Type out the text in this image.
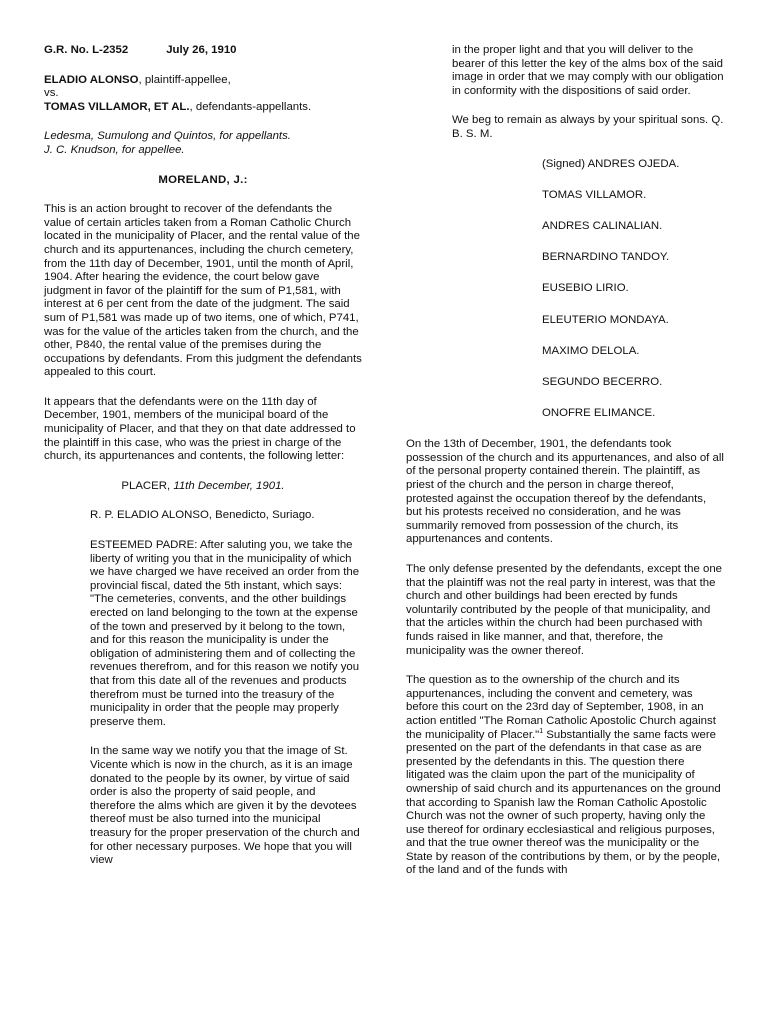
G.R. No. L-2352	July 26, 1910

ELADIO ALONSO, plaintiff-appellee,
vs.
TOMAS VILLAMOR, ET AL., defendants-appellants.

Ledesma, Sumulong and Quintos, for appellants.
J. C. Knudson, for appellee.

MORELAND, J.:

This is an action brought to recover of the defendants the value of certain articles taken from a Roman Catholic Church located in the municipality of Placer, and the rental value of the church and its appurtenances, including the church cemetery, from the 11th day of December, 1901, until the month of April, 1904. After hearing the evidence, the court below gave judgment in favor of the plaintiff for the sum of P1,581, with interest at 6 per cent from the date of the judgment. The said sum of P1,581 was made up of two items, one of which, P741, was for the value of the articles taken from the church, and the other, P840, the rental value of the premises during the occupations by defendants. From this judgment the defendants appealed to this court.

It appears that the defendants were on the 11th day of December, 1901, members of the municipal board of the municipality of Placer, and that they on that date addressed to the plaintiff in this case, who was the priest in charge of the church, its appurtenances and contents, the following letter:

PLACER, 11th December, 1901.

R. P. ELADIO ALONSO, Benedicto, Suriago.

ESTEEMED PADRE: After saluting you, we take the liberty of writing you that in the municipality of which we have charged we have received an order from the provincial fiscal, dated the 5th instant, which says: "The cemeteries, convents, and the other buildings erected on land belonging to the town at the expense of the town and preserved by it belong to the town, and for this reason the municipality is under the obligation of administering them and of collecting the revenues therefrom, and for this reason we notify you that from this date all of the revenues and products therefrom must be turned into the treasury of the municipality in order that the people may properly preserve them.

In the same way we notify you that the image of St. Vicente which is now in the church, as it is an image donated to the people by its owner, by virtue of said order is also the property of said people, and therefore the alms which are given it by the devotees thereof must be also turned into the municipal treasury for the proper preservation of the church and for other necessary purposes. We hope that you will view

in the proper light and that you will deliver to the bearer of this letter the key of the alms box of the said image in order that we may comply with our obligation in conformity with the dispositions of said order.

We beg to remain as always by your spiritual sons. Q. B. S. M.

(Signed) ANDRES OJEDA.
TOMAS VILLAMOR.
ANDRES CALINALIAN.
BERNARDINO TANDOY.
EUSEBIO LIRIO.
ELEUTERIO MONDAYA.
MAXIMO DELOLA.
SEGUNDO BECERRO.
ONOFRE ELIMANCE.

On the 13th of December, 1901, the defendants took possession of the church and its appurtenances, and also of all of the personal property contained therein. The plaintiff, as priest of the church and the person in charge thereof, protested against the occupation thereof by the defendants, but his protests received no consideration, and he was summarily removed from possession of the church, its appurtenances and contents.

The only defense presented by the defendants, except the one that the plaintiff was not the real party in interest, was that the church and other buildings had been erected by funds voluntarily contributed by the people of that municipality, and that the articles within the church had been purchased with funds raised in like manner, and that, therefore, the municipality was the owner thereof.

The question as to the ownership of the church and its appurtenances, including the convent and cemetery, was before this court on the 23rd day of September, 1908, in an action entitled "The Roman Catholic Apostolic Church against the municipality of Placer."$^1$ Substantially the same facts were presented on the part of the defendants in that case as are presented by the defendants in this. The question there litigated was the claim upon the part of the municipality of ownership of said church and its appurtenances on the ground that according to Spanish law the Roman Catholic Apostolic Church was not the owner of such property, having only the use thereof for ordinary ecclesiastical and religious purposes, and that the true owner thereof was the municipality or the State by reason of the contributions by them, or by the people, of the land and of the funds with
